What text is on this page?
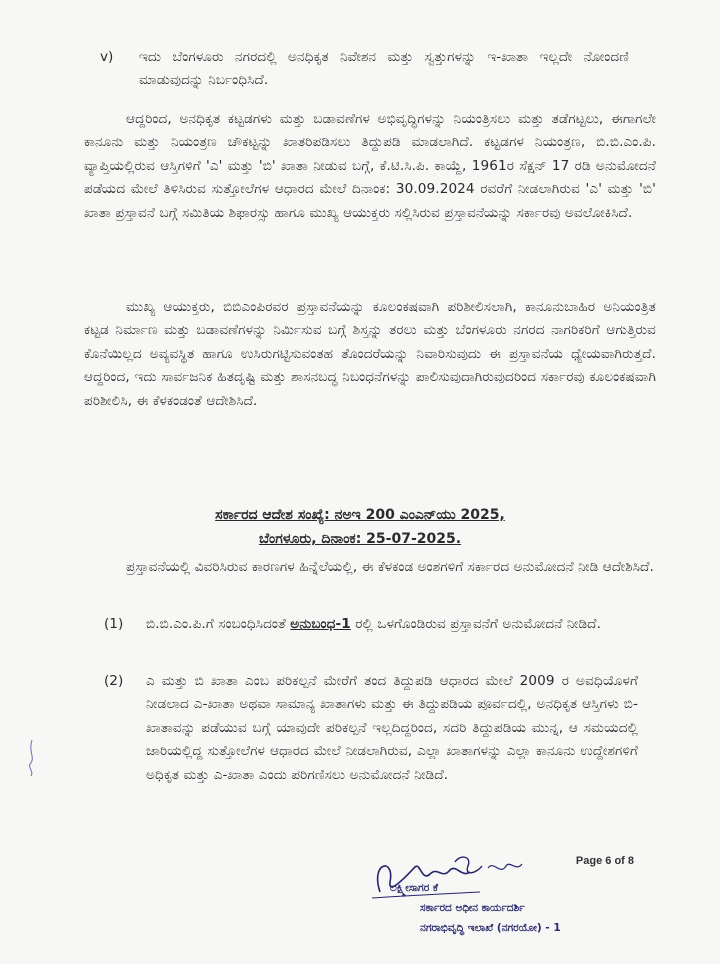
v) ಇದು ಬೆಂಗಳೂರು ನಗರದಲ್ಲಿ ಅನಧಿಕೃತ ನಿವೇಶನ ಮತ್ತು ಸ್ವತ್ತುಗಳನ್ನು ಇ-ಖಾತಾ ಇಲ್ಲದೇ ನೋಂದಣಿ ಮಾಡುವುದನ್ನು ನಿರ್ಬಂಧಿಸಿದೆ.
ಆದ್ದರಿಂದ, ಅನಧಿಕೃತ ಕಟ್ಟಡಗಳು ಮತ್ತು ಬಡಾವಣೆಗಳ ಅಭಿವೃದ್ಧಿಗಳನ್ನು ನಿಯಂತ್ರಿಸಲು ಮತ್ತು ತಡೆಗಟ್ಟಲು, ಈಗಾಗಲೇ ಕಾನೂನು ಮತ್ತು ನಿಯಂತ್ರಣ ಚೌಕಟ್ಟನ್ನು ಖಾತರಿಪಡಿಸಲು ತಿದ್ದುಪಡಿ ಮಾಡಲಾಗಿದೆ. ಕಟ್ಟಡಗಳ ನಿಯಂತ್ರಣ, ಬಿ.ಬಿ.ಎಂ.ಪಿ. ವ್ಯಾಪ್ತಿಯಲ್ಲಿರುವ ಆಸ್ತಿಗಳಿಗೆ 'ಎ' ಮತ್ತು 'ಬಿ' ಖಾತಾ ನೀಡುವ ಬಗ್ಗೆ, ಕೆ.ಟಿ.ಸಿ.ಪಿ. ಕಾಯ್ದೆ, 1961ರ ಸೆಕ್ಷನ್ 17 ರಡಿ ಅನುಮೋದನೆ ಪಡೆಯದ ಮೇಲೆ ತಿಳಿಸಿರುವ ಸುತ್ತೋಲೆಗಳ ಆಧಾರದ ಮೇಲೆ ದಿನಾಂಕ: 30.09.2024 ರವರೆಗೆ ನೀಡಲಾಗಿರುವ 'ಎ' ಮತ್ತು 'ಬಿ' ಖಾತಾ ಪ್ರಸ್ತಾವನೆ ಬಗ್ಗೆ ಸಮಿತಿಯ ಶಿಫಾರಸ್ಸು ಹಾಗೂ ಮುಖ್ಯ ಆಯುಕ್ತರು ಸಲ್ಲಿಸಿರುವ ಪ್ರಸ್ತಾವನೆಯನ್ನು ಸರ್ಕಾರವು ಅವಲೋಕಿಸಿದೆ.
ಮುಖ್ಯ ಆಯುಕ್ತರು, ಬಿಬಿಎಂಪಿರವರ ಪ್ರಸ್ತಾವನೆಯನ್ನು ಕೂಲಂಕಷವಾಗಿ ಪರಿಶೀಲಿಸಲಾಗಿ, ಕಾನೂನುಬಾಹಿರ ಅನಿಯಂತ್ರಿತ ಕಟ್ಟಡ ನಿರ್ಮಾಣ ಮತ್ತು ಬಡಾವಣೆಗಳನ್ನು ನಿರ್ಮಿಸುವ ಬಗ್ಗೆ ಶಿಸ್ತನ್ನು ತರಲು ಮತ್ತು ಬೆಂಗಳೂರು ನಗರದ ನಾಗರಿಕರಿಗೆ ಆಗುತ್ತಿರುವ ಕೊನೆಯಿಲ್ಲದ ಅವ್ಯವಸ್ಥಿತ ಹಾಗೂ ಉಸಿರುಗಟ್ಟಿಸುವಂತಹ ತೊಂದರೆಯನ್ನು ನಿವಾರಿಸುವುದು ಈ ಪ್ರಸ್ತಾವನೆಯ ಧ್ಯೇಯವಾಗಿರುತ್ತದೆ. ಆದ್ದರಿಂದ, ಇದು ಸಾರ್ವಜನಿಕ ಹಿತದೃಷ್ಟಿ ಮತ್ತು ಶಾಸನಬದ್ಧ ನಿಬಂಧನೆಗಳನ್ನು ಪಾಲಿಸುವುದಾಗಿರುವುದರಿಂದ ಸರ್ಕಾರವು ಕೂಲಂಕಷವಾಗಿ ಪರಿಶೀಲಿಸಿ, ಈ ಕೆಳಕಂಡಂತೆ ಆದೇಶಿಸಿದೆ.
ಸರ್ಕಾರದ ಆದೇಶ ಸಂಖ್ಯೆ: ನಅಇ 200 ಎಂಎನ್‌ಯು 2025,
ಬೆಂಗಳೂರು, ದಿನಾಂಕ: 25-07-2025.
ಪ್ರಸ್ತಾವನೆಯಲ್ಲಿ ವಿವರಿಸಿರುವ ಕಾರಣಗಳ ಹಿನ್ನೆಲೆಯಲ್ಲಿ, ಈ ಕೆಳಕಂಡ ಅಂಶಗಳಿಗೆ ಸರ್ಕಾರದ ಅನುಮೋದನೆ ನೀಡಿ ಆದೇಶಿಸಿದೆ.
(1) ಬಿ.ಬಿ.ಎಂ.ಪಿ.ಗೆ ಸಂಬಂಧಿಸಿದಂತೆ ಅನುಬಂಧ-1 ರಲ್ಲಿ ಒಳಗೊಂಡಿರುವ ಪ್ರಸ್ತಾವನೆಗೆ ಅನುಮೋದನೆ ನೀಡಿದೆ.
(2) ಎ ಮತ್ತು ಬಿ ಖಾತಾ ಎಂಬ ಪರಿಕಲ್ಪನೆ ಮೇರೆಗೆ ತಂದ ತಿದ್ದುಪಡಿ ಆಧಾರದ ಮೇಲೆ 2009 ರ ಅವಧಿಯೊಳಗೆ ನೀಡಲಾದ ಎ-ಖಾತಾ ಅಥವಾ ಸಾಮಾನ್ಯ ಖಾತಾಗಳು ಮತ್ತು ಈ ತಿದ್ದುಪಡಿಯ ಪೂರ್ವದಲ್ಲಿ, ಅನಧಿಕೃತ ಆಸ್ತಿಗಳು ಬಿ-ಖಾತಾವನ್ನು ಪಡೆಯುವ ಬಗ್ಗೆ ಯಾವುದೇ ಪರಿಕಲ್ಪನೆ ಇಲ್ಲದಿದ್ದರಿಂದ, ಸದರಿ ತಿದ್ದುಪಡಿಯ ಮುನ್ನ, ಆ ಸಮಯದಲ್ಲಿ ಜಾರಿಯಲ್ಲಿದ್ದ ಸುತ್ತೋಲೆಗಳ ಆಧಾರದ ಮೇಲೆ ನೀಡಲಾಗಿರುವ, ಎಲ್ಲಾ ಖಾತಾಗಳನ್ನು ಎಲ್ಲಾ ಕಾನೂನು ಉದ್ದೇಶಗಳಿಗೆ ಅಧಿಕೃತ ಮತ್ತು ಎ-ಖಾತಾ ಎಂದು ಪರಿಗಣಿಸಲು ಅನುಮೋದನೆ ನೀಡಿದೆ.
Page 6 of 8
ಲಕ್ಷ್ಮೀಸಾಗರ ಕೆ
ಸರ್ಕಾರದ ಅಧೀನ ಕಾರ್ಯದರ್ಶಿ
ನಗರಾಭಿವೃದ್ಧಿ ಇಲಾಖೆ (ನಗರಯೋ) - 1
